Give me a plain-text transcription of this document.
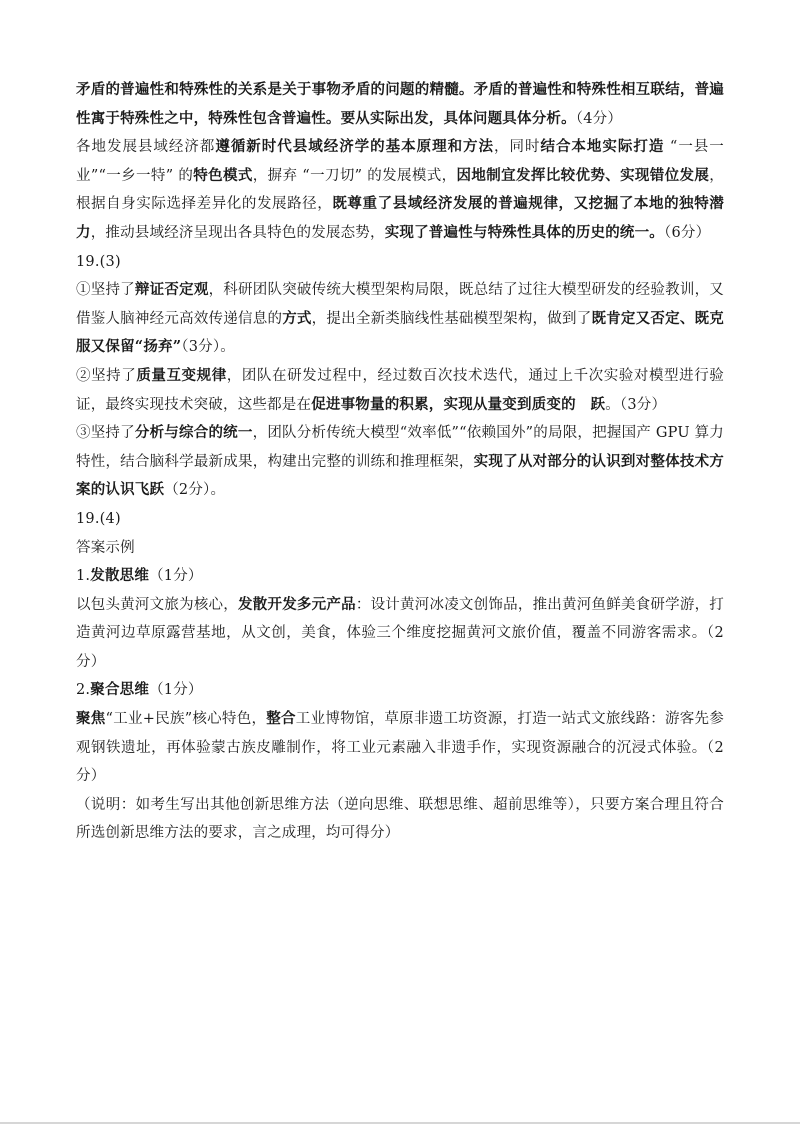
矛盾的普遍性和特殊性的关系是关于事物矛盾的问题的精髓。矛盾的普遍性和特殊性相互联结，普遍性寓于特殊性之中，特殊性包含普遍性。要从实际出发，具体问题具体分析。（4分）

各地发展县域经济都遵循新时代县域经济学的基本原理和方法，同时结合本地实际打造 “一县一业”“一乡一特” 的特色模式，摒弃 “一刀切” 的发展模式，因地制宜发挥比较优势、实现错位发展，根据自身实际选择差异化的发展路径，既尊重了县域经济发展的普遍规律，又挖掘了本地的独特潜力，推动县域经济呈现出各具特色的发展态势，实现了普遍性与特殊性具体的历史的统一。（6分）

19.(3)

①坚持了辩证否定观，科研团队突破传统大模型架构局限，既总结了过往大模型研发的经验教训，又借鉴人脑神经元高效传递信息的方式，提出全新类脑线性基础模型架构，做到了既肯定又否定、既克服又保留“扬弃”（3分）。

②坚持了质量互变规律，团队在研发过程中，经过数百次技术迭代，通过上千次实验对模型进行验证，最终实现技术突破，这些都是在促进事物量的积累，实现从量变到质变的　跃。（3分）

③坚持了分析与综合的统一，团队分析传统大模型“效率低”“依赖国外”的局限，把握国产 GPU 算力特性，结合脑科学最新成果，构建出完整的训练和推理框架，实现了从对部分的认识到对整体技术方案的认识飞跃（2分）。

19.(4)

答案示例

1.发散思维（1分）

以包头黄河文旅为核心，发散开发多元产品：设计黄河冰凌文创饰品，推出黄河鱼鲜美食研学游，打造黄河边草原露营基地，从文创，美食，体验三个维度挖掘黄河文旅价值，覆盖不同游客需求。（2分）

2.聚合思维（1分）

聚焦“工业+民族”核心特色，整合工业博物馆，草原非遗工坊资源，打造一站式文旅线路：游客先参观钢铁遗址，再体验蒙古族皮雕制作，将工业元素融入非遗手作，实现资源融合的沉浸式体验。（2分）

（说明：如考生写出其他创新思维方法（逆向思维、联想思维、超前思维等），只要方案合理且符合所选创新思维方法的要求，言之成理，均可得分）
